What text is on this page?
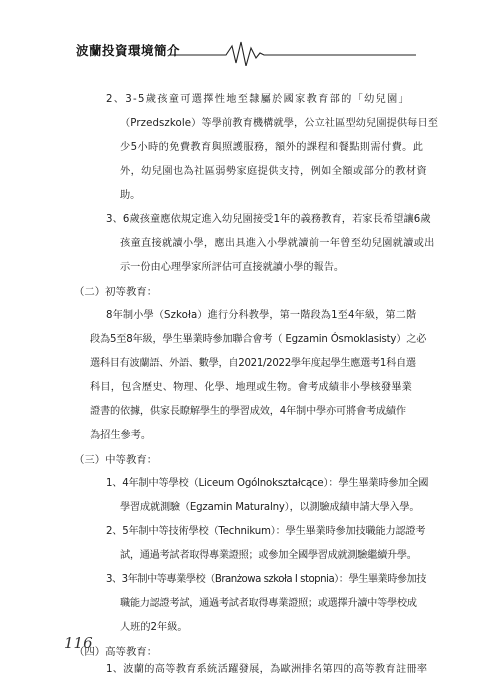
波蘭投資環境簡介
2、3-5歲孩童可選擇性地至隸屬於國家教育部的「幼兒園」
（Przedszkole）等學前教育機構就學，公立社區型幼兒園提供每日至
少5小時的免費教育與照護服務，額外的課程和餐點則需付費。此
外，幼兒園也為社區弱勢家庭提供支持，例如全額或部分的教材資
助。
3、6歲孩童應依規定進入幼兒園接受1年的義務教育，若家長希望讓6歲
孩童直接就讀小學，應出具進入小學就讀前一年曾至幼兒園就讀或出
示一份由心理學家所評估可直接就讀小學的報告。
（二）初等教育：
8年制小學（Szkoła）進行分科教學，第一階段為1至4年級，第二階
段為5至8年級，學生畢業時參加聯合會考（ Egzamin Ósmoklasisty）之必
選科目有波蘭語、外語、數學，自2021/2022學年度起學生應選考1科自選
科目，包含歷史、物理、化學、地理或生物。會考成績非小學核發畢業
證書的依據，供家長瞭解學生的學習成效，4年制中學亦可將會考成績作
為招生參考。
（三）中等教育：
1、4年制中等學校（Liceum Ogólnokształcące）：學生畢業時參加全國
學習成就測驗（Egzamin Maturalny），以測驗成績申請大學入學。
2、5年制中等技術學校（Technikum）：學生畢業時參加技職能力認證考
試，通過考試者取得專業證照；或參加全國學習成就測驗繼續升學。
3、3年制中等專業學校（Branżowa szkoła I stopnia）：學生畢業時參加技
職能力認證考試，通過考試者取得專業證照；或選擇升讀中等學校成
人班的2年級。
（四）高等教育：
1、波蘭的高等教育系統活躍發展，為歐洲排名第四的高等教育註冊率
116
